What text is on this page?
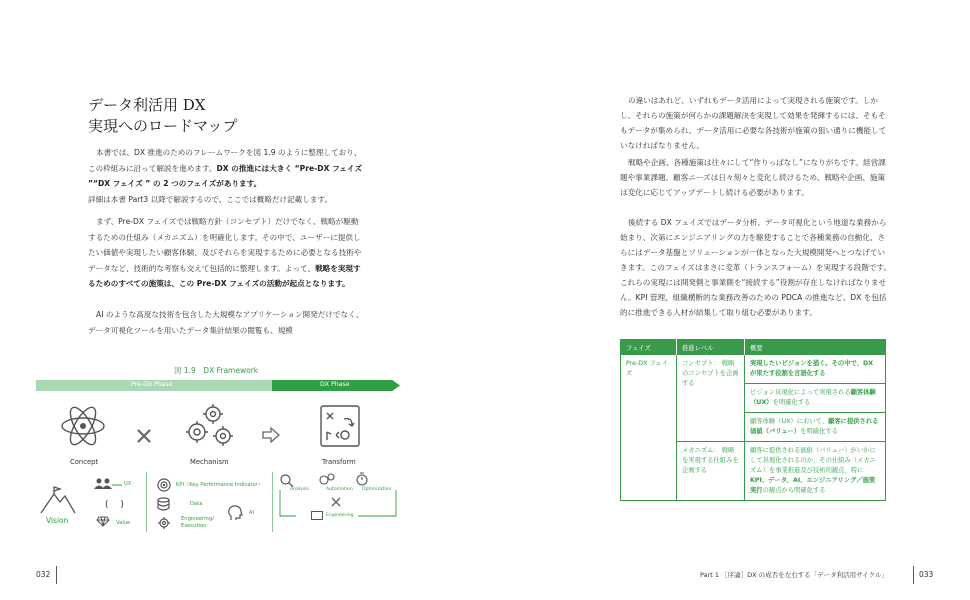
データ利活用 DX
実現へのロードマップ
本書では、DX 推進のためのフレームワークを図 1.9 のように整理しており、この枠組みに沿って解説を進めます。DX の推進には大きく “Pre-DX フェイズ ”“DX フェイズ ” の 2 つのフェイズがあります。
詳細は本書 Part3 以降で解説するので、ここでは概略だけ記載します。
まず、Pre-DX フェイズでは戦略方針（コンセプト）だけでなく、戦略が駆動するための仕組み（メカニズム）を明確化します。その中で、ユーザーに提供したい価値や実現したい顧客体験、及びそれらを実現するために必要となる技術やデータなど、技術的な考察も交えて包括的に整理します。よって、戦略を実現するためのすべての施策は、この Pre-DX フェイズの活動が起点となります。
AI のような高度な技術を包含した大規模なアプリケーション開発だけでなく、データ可視化ツールを用いたデータ集計結果の閲覧も、規模
図 1.9　DX Framework
Pre-DX Phase	DX Phase
Concept	Mechanism	Transform
Vision
UX
(　 )
Value
KPI（Key Performance Indicator）
Data
Engineering/ Execution
AI
Analysis	Automation Optimization
Engineering
032
の違いはあれど、いずれもデータ活用によって実現される施策です。しかし、それらの施策が何らかの課題解決を実現して効果を発揮するには、そもそもデータが集められ、データ活用に必要な各技術が施策の狙い通りに機能していなければなりません。
戦略や企画、各種施策は往々にして“作りっぱなし”になりがちです。経営課題や事業課題、顧客ニーズは日々刻々と変化し続けるため、戦略や企画、施策は変化に応じてアップデートし続ける必要があります。
後続する DX フェイズではデータ分析、データ可視化という地道な業務から始まり、次第にエンジニアリングの力を駆使することで各種業務の自動化、さらにはデータ基盤とソリューションが一体となった大規模開発へとつなげていきます。このフェイズはまさに変革（トランスフォーム）を実現する段階です。これらの実現には開発側と事業側を“接続する”役割が存在しなければなりません。KPI 管理、組織横断的な業務改善のための PDCA の推進など、DX を包括的に推進できる人材が結集して取り組む必要があります。
フェイズ	推進レベル	概要
Pre-DX フェイズ	コンセプト： 戦略のコンセプトを企画する	実現したいビジョンを描く。その中で、DX が果たす役割を言語化する
		ビジョン具現化によって実現される顧客体験（UX）を明確化する
		顧客体験（UX）において、顧客に提供される価値（バリュー）を明確化する
	メカニズム： 戦略を実現する仕組みを企画する	顧客に提供される価値（バリュー）がいかにして具現化されるのか、その仕組み（メカニズム）を事業推進及び技術的観点、特に KPI、データ、AI、エンジニアリング／施策実行の観点から明確化する
Part 1 ［序論］DX の成否を左右する「データ利活用サイクル」	033
